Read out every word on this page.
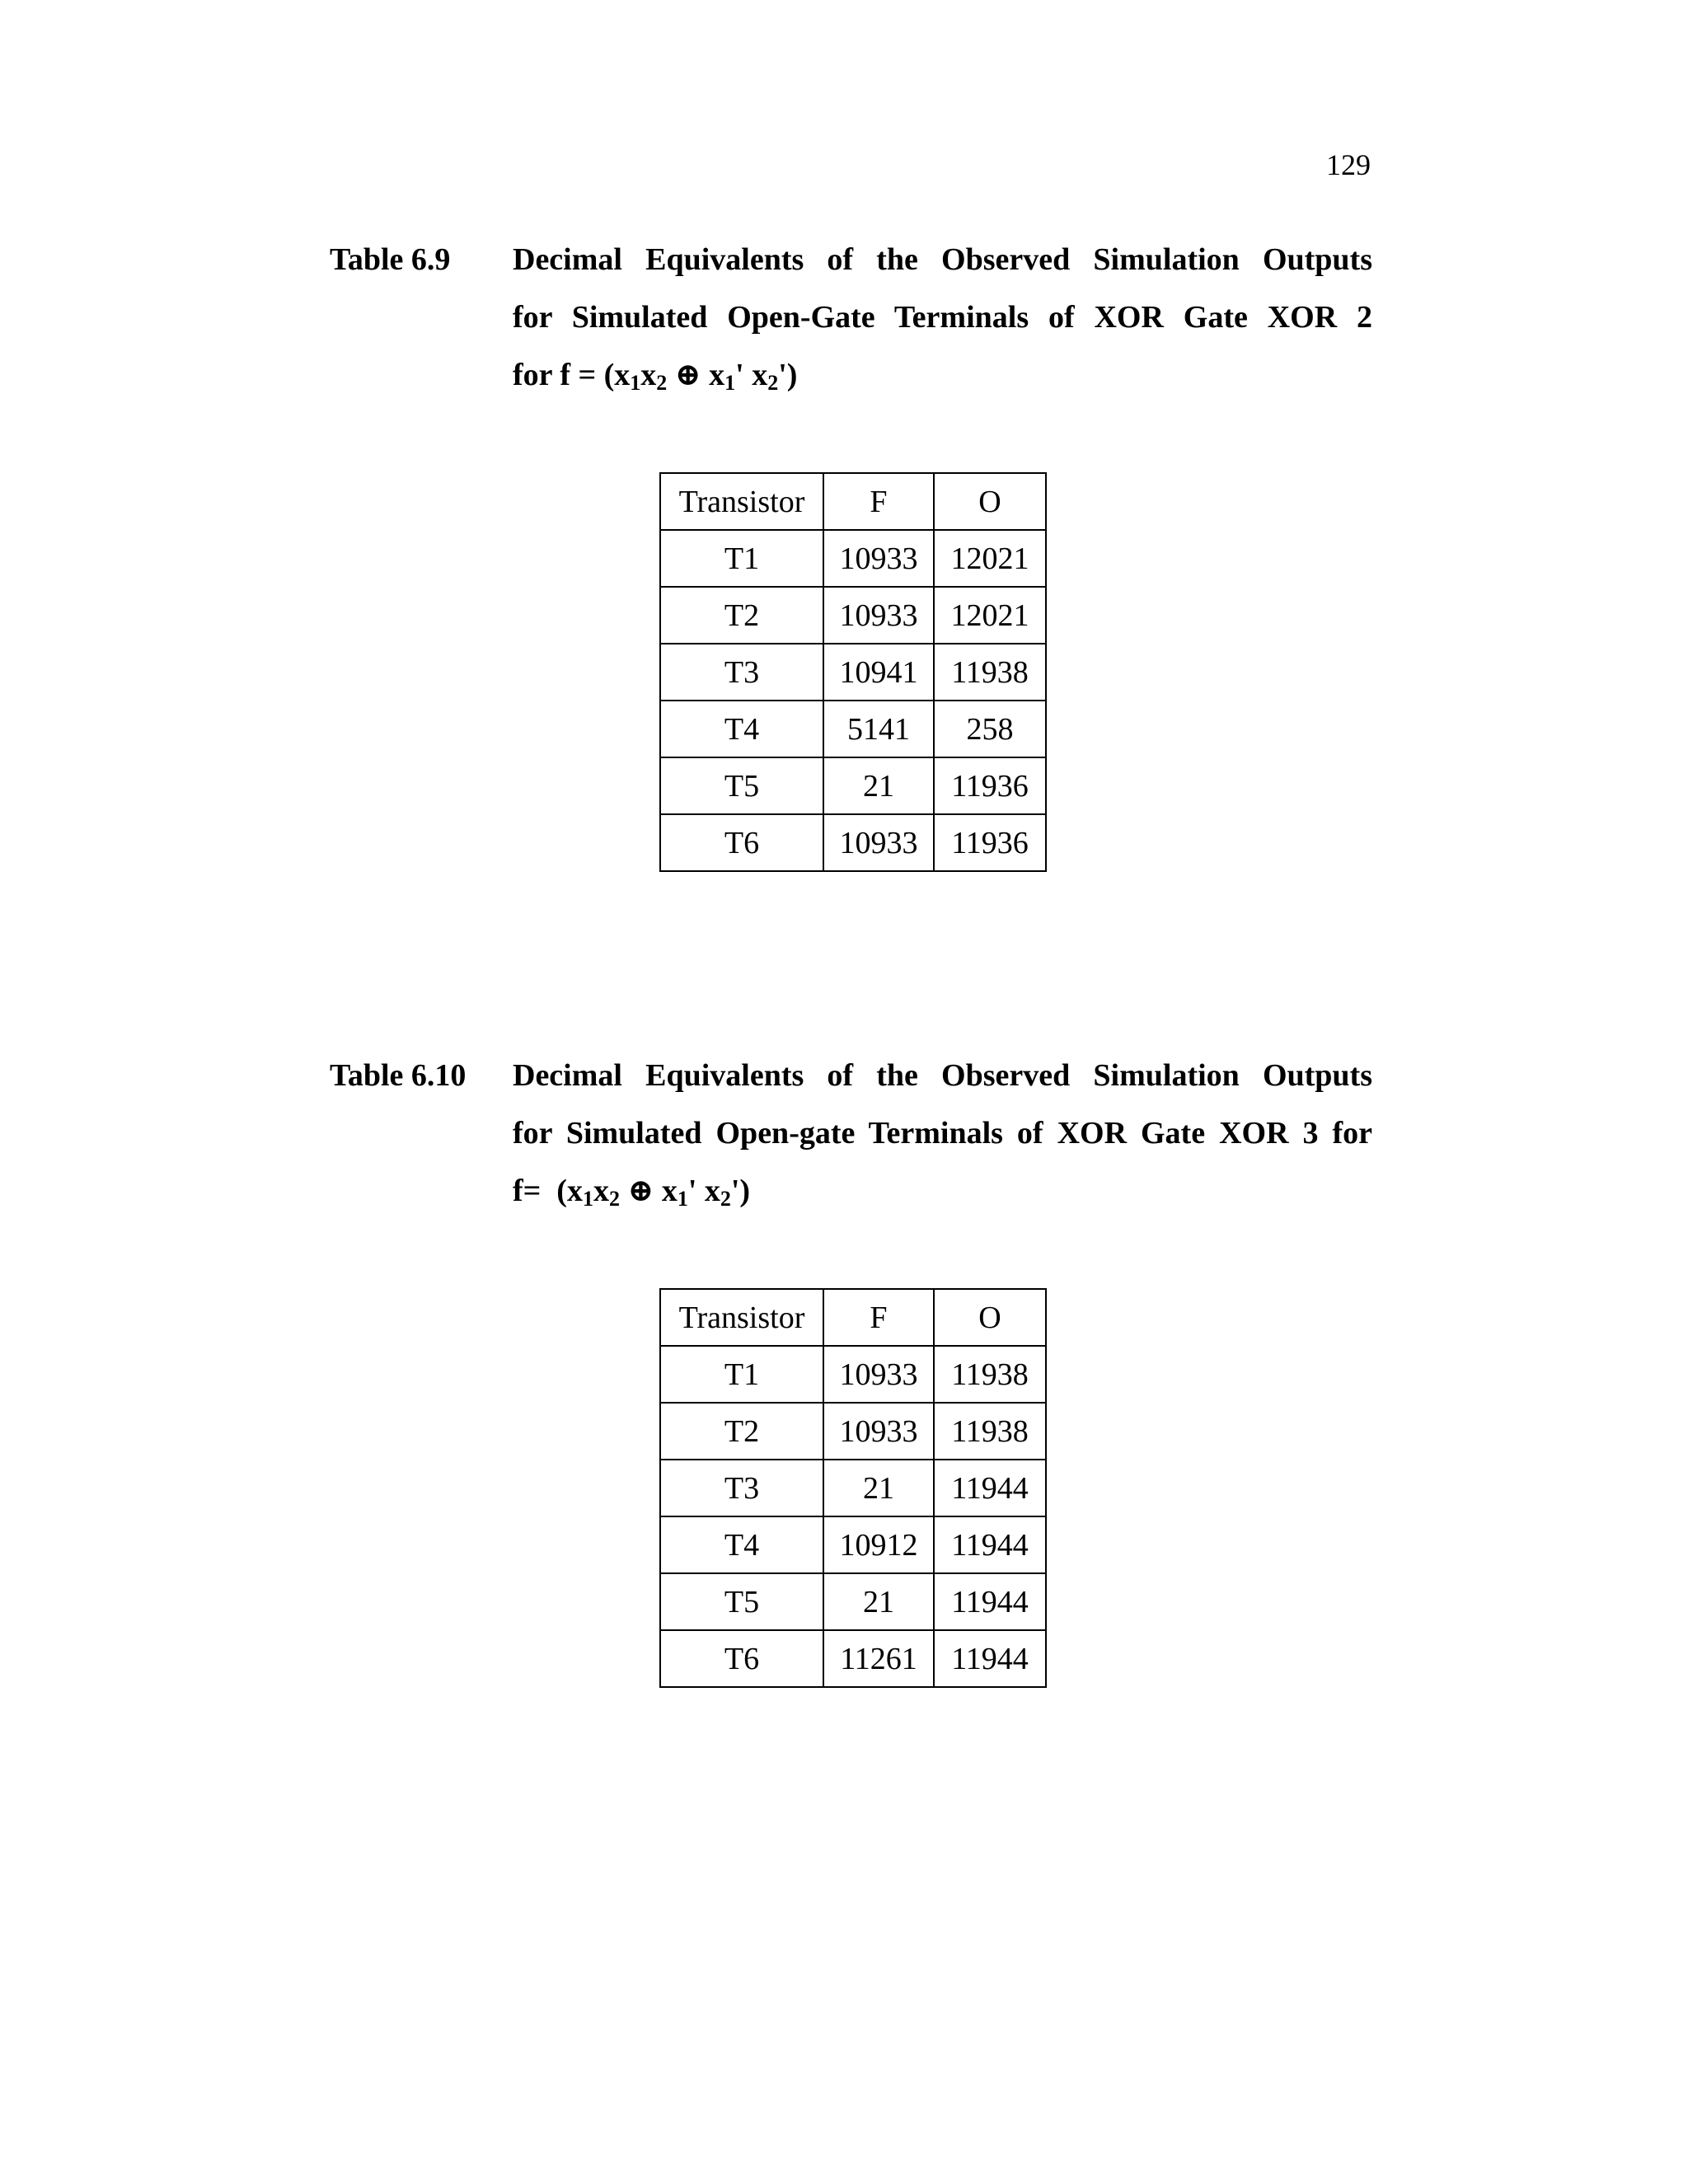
129
Table 6.9 Decimal Equivalents of the Observed Simulation Outputs
for Simulated Open-Gate Terminals of XOR Gate XOR 2
for $f = (x_1x_2$ ⊕ $x_1'$ $x_2'$)
Transistor	F	O
T1	10933	12021
T2	10933	12021
T3	10941	11938
T4	5141	258
T5	21	11936
T6	10933	11936
Table 6.10 Decimal Equivalents of the Observed Simulation Outputs
for Simulated Open-gate Terminals of XOR Gate XOR 3 for
$f= (x_1x_2$ ⊕ $x_1'$ $x_2'$)
Transistor	F	O
T1	10933	11938
T2	10933	11938
T3	21	11944
T4	10912	11944
T5	21	11944
T6	11261	11944
